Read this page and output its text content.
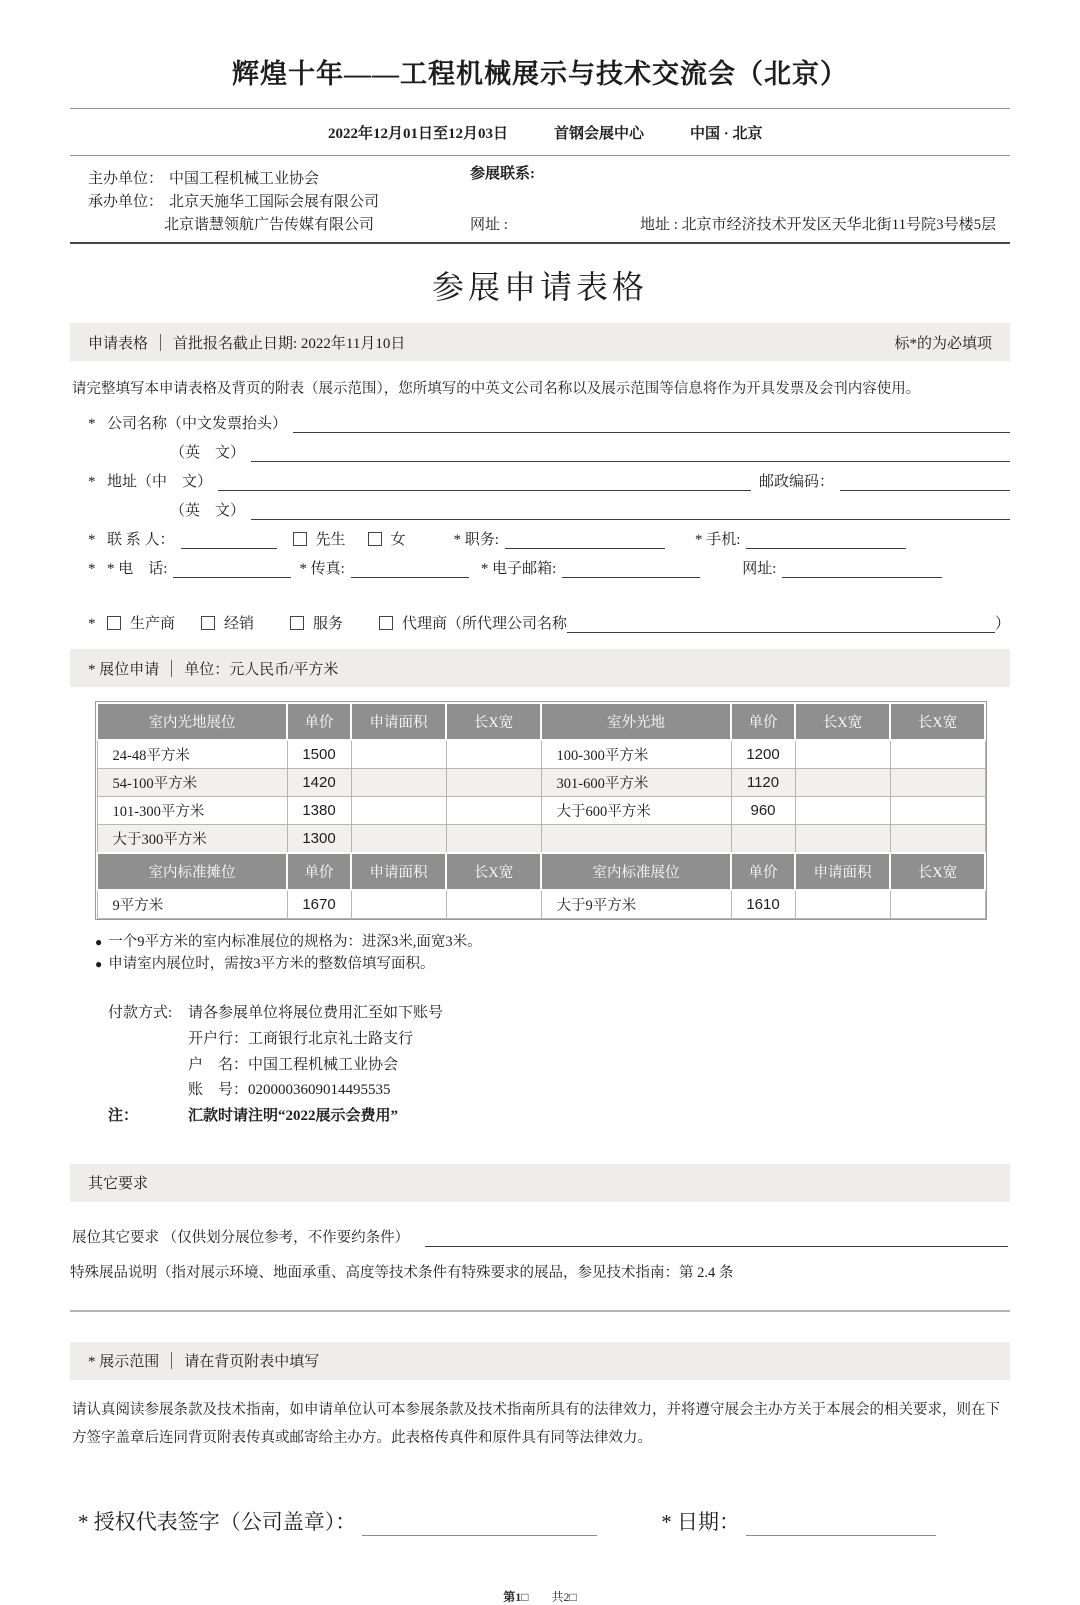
辉煌十年——工程机械展示与技术交流会（北京）
2022年12月01日至12月03日	首钢会展中心	中国 · 北京
主办单位： 中国工程机械工业协会
承办单位： 北京天施华工国际会展有限公司
北京谐慧领航广告传媒有限公司
参展联系:
网址 :	地址 : 北京市经济技术开发区天华北街11号院3号楼5层
参展申请表格
申请表格 首批报名截止日期: 2022年11月10日	标*的为必填项

请完整填写本申请表格及背页的附表（展示范围），您所填写的中英文公司名称以及展示范围等信息将作为开具发票及会刊内容使用。

* 公司名称（中文发票抬头）
（英　文）
* 地址（中　文）	邮政编码：
（英　文）
* 联 系 人：	先生	女	* 职务:	* 手机:
* * 电　话:	* 传真:	* 电子邮箱:	网址:
*	生产商	经销	服务	代理商（所代理公司名称	）
* 展位申请 单位：元人民币/平方米
室内光地展位	单价	申请面积	长X宽	室外光地	单价	长X宽	长X宽
24-48平方米	1500			100-300平方米	1200		
54-100平方米	1420			301-600平方米	1120		
101-300平方米	1380			大于600平方米	960		
大于300平方米	1300						
室内标准摊位	单价	申请面积	长X宽	室内标准展位	单价	申请面积	长X宽
9平方米	1670			大于9平方米	1610		
● 一个9平方米的室内标准展位的规格为：进深3米,面宽3米。
● 申请室内展位时，需按3平方米的整数倍填写面积。
付款方式:	请各参展单位将展位费用汇至如下账号
开户行：工商银行北京礼士路支行
户　名：中国工程机械工业协会
账　号：0200003609014495535
注：	汇款时请注明“2022展示会费用”
其它要求
展位其它要求 （仅供划分展位参考，不作要约条件）
特殊展品说明（指对展示环境、地面承重、高度等技术条件有特殊要求的展品，参见技术指南：第 2.4 条
* 展示范围 请在背页附表中填写

请认真阅读参展条款及技术指南，如申请单位认可本参展条款及技术指南所具有的法律效力，并将遵守展会主办方关于本展会的相关要求，则在下方签字盖章后连同背页附表传真或邮寄给主办方。此表格传真件和原件具有同等法律效力。

* 授权代表签字（公司盖章）：	* 日期：
第1□ 共2□
